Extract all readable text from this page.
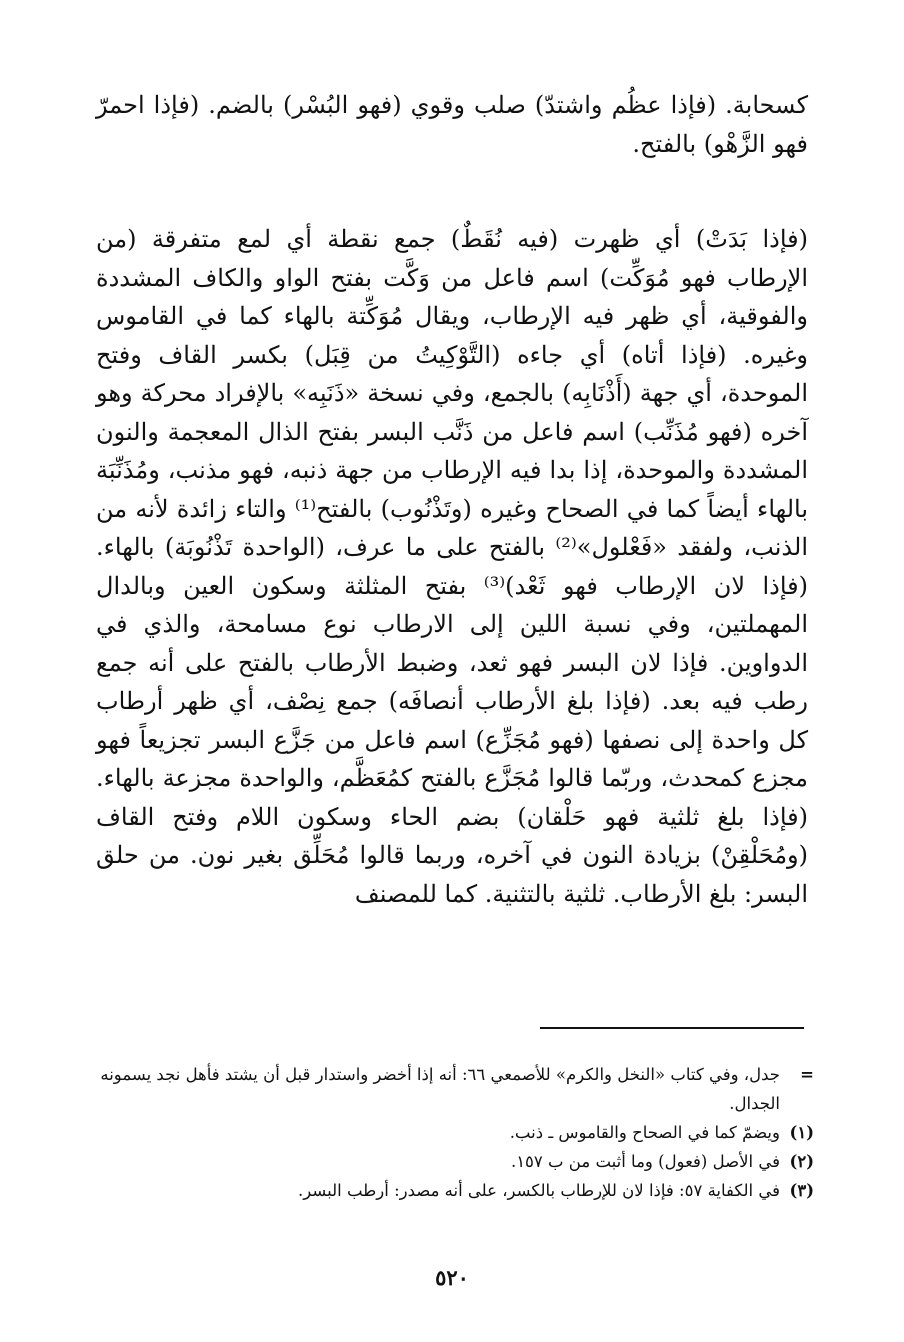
كسحابة. (فإذا عظُم واشتدّ) صلب وقوي (فهو البُسْر) بالضم. (فإذا احمرّ فهو الزَّهْو) بالفتح.

(فإذا بَدَتْ) أي ظهرت (فيه نُقَطٌ) جمع نقطة أي لمع متفرقة (من الإرطاب فهو مُوَكِّت) اسم فاعل من وَكَّت بفتح الواو والكاف المشددة والفوقية، أي ظهر فيه الإرطاب، ويقال مُوَكِّتة بالهاء كما في القاموس وغيره. (فإذا أتاه) أي جاءه (التَّوْكِيتُ من قِبَل) بكسر القاف وفتح الموحدة، أي جهة (أَذْنَابِه) بالجمع، وفي نسخة «ذَنَبِه» بالإفراد محركة وهو آخره (فهو مُذَنِّب) اسم فاعل من ذَنَّب البسر بفتح الذال المعجمة والنون المشددة والموحدة، إذا بدا فيه الإرطاب من جهة ذنبه، فهو مذنب، ومُذَنِّبَة بالهاء أيضاً كما في الصحاح وغيره (وتَذْنُوب) بالفتح⁽¹⁾ والتاء زائدة لأنه من الذنب، ولفقد «فَعْلول»⁽²⁾ بالفتح على ما عرف، (الواحدة تَذْنُوبَة) بالهاء. (فإذا لان الإرطاب فهو ثَعْد)⁽³⁾ بفتح المثلثة وسكون العين وبالدال المهملتين، وفي نسبة اللين إلى الارطاب نوع مسامحة، والذي في الدواوين. فإذا لان البسر فهو ثعد، وضبط الأرطاب بالفتح على أنه جمع رطب فيه بعد. (فإذا بلغ الأرطاب أنصافَه) جمع نِصْف، أي ظهر أرطاب كل واحدة إلى نصفها (فهو مُجَزِّع) اسم فاعل من جَزَّع البسر تجزيعاً فهو مجزع كمحدث، وربّما قالوا مُجَزَّع بالفتح كمُعَظَّم، والواحدة مجزعة بالهاء. (فإذا بلغ ثلثية فهو حَلْقان) بضم الحاء وسكون اللام وفتح القاف (ومُحَلْقِنْ) بزيادة النون في آخره، وربما قالوا مُحَلِّق بغير نون. من حلق البسر: بلغ الأرطاب. ثلثية بالتثنية. كما للمصنف

=
جدل، وفي كتاب «النخل والكرم» للأصمعي ٦٦: أنه إذا أخضر واستدار قبل أن يشتد فأهل نجد يسمونه الجدال.
(١)
ويضمّ كما في الصحاح والقاموس ـ ذنب.
(٢)
في الأصل (فعول) وما أثبت من ب ١٥٧.
(٣)
في الكفاية ٥٧: فإذا لان للإرطاب بالكسر، على أنه مصدر: أرطب البسر.
٥٢٠
